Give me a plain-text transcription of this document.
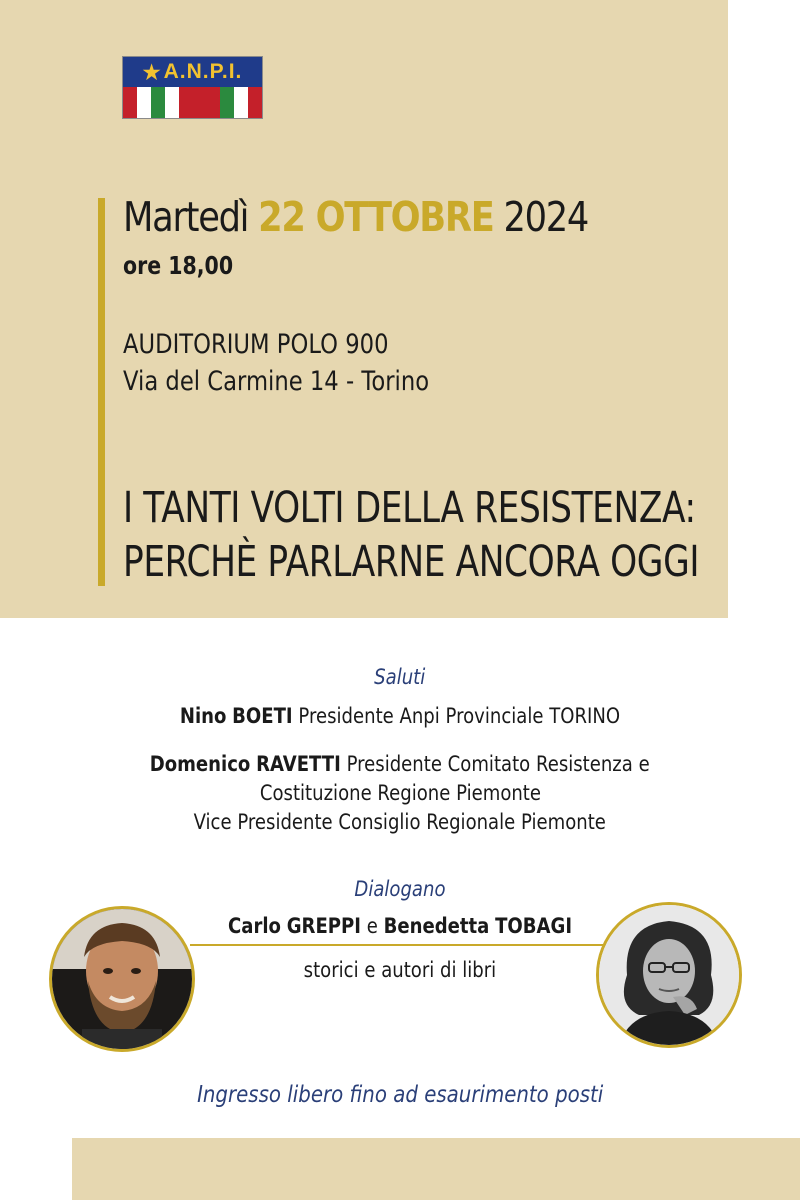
★ A.N.P.I.
Martedì 22 OTTOBRE 2024
ore 18,00
AUDITORIUM POLO 900
Via del Carmine 14 - Torino
I TANTI VOLTI DELLA RESISTENZA:
PERCHÈ PARLARNE ANCORA OGGI
Saluti
Nino BOETI Presidente Anpi Provinciale TORINO
Domenico RAVETTI Presidente Comitato Resistenza e
Costituzione Regione Piemonte
Vice Presidente Consiglio Regionale Piemonte
Dialogano
Carlo GREPPI e Benedetta TOBAGI
storici e autori di libri
Ingresso libero fino ad esaurimento posti
